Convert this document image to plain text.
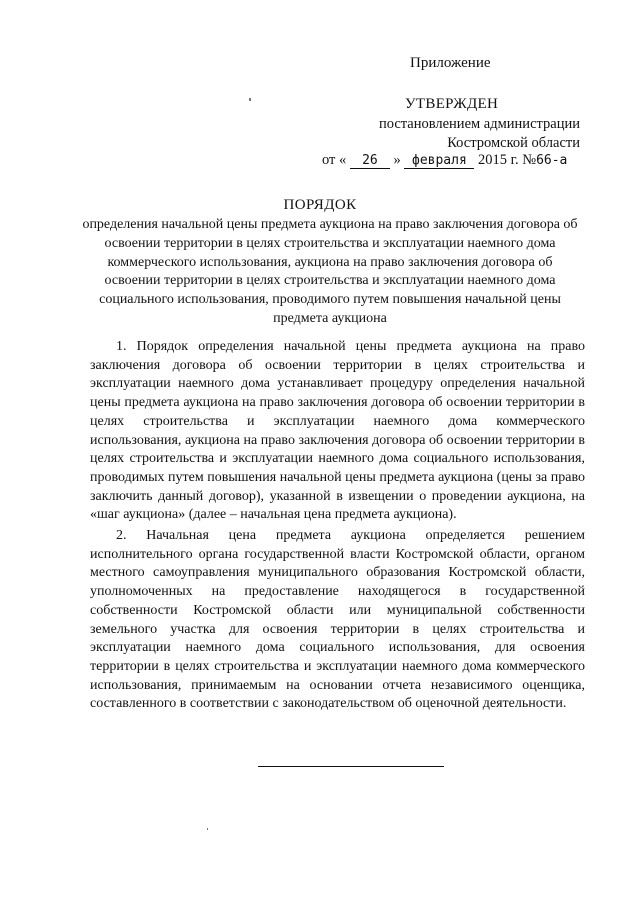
Приложение
УТВЕРЖДЕН
постановлением администрации
Костромской области
от « 26 » февраля 2015 г. №66-а
ПОРЯДОК
определения начальной цены предмета аукциона на право заключения договора об освоении территории в целях строительства и эксплуатации наемного дома коммерческого использования, аукциона на право заключения договора об освоении территории в целях строительства и эксплуатации наемного дома социального использования, проводимого путем повышения начальной цены предмета аукциона

1. Порядок определения начальной цены предмета аукциона на право заключения договора об освоении территории в целях строительства и эксплуатации наемного дома устанавливает процедуру определения начальной цены предмета аукциона на право заключения договора об освоении территории в целях строительства и эксплуатации наемного дома коммерческого использования, аукциона на право заключения договора об освоении территории в целях строительства и эксплуатации наемного дома социального использования, проводимых путем повышения начальной цены предмета аукциона (цены за право заключить данный договор), указанной в извещении о проведении аукциона, на «шаг аукциона» (далее – начальная цена предмета аукциона).

2. Начальная цена предмета аукциона определяется решением исполнительного органа государственной власти Костромской области, органом местного самоуправления муниципального образования Костромской области, уполномоченных на предоставление находящегося в государственной собственности Костромской области или муниципальной собственности земельного участка для освоения территории в целях строительства и эксплуатации наемного дома социального использования, для освоения территории в целях строительства и эксплуатации наемного дома коммерческого использования, принимаемым на основании отчета независимого оценщика, составленного в соответствии с законодательством об оценочной деятельности.
